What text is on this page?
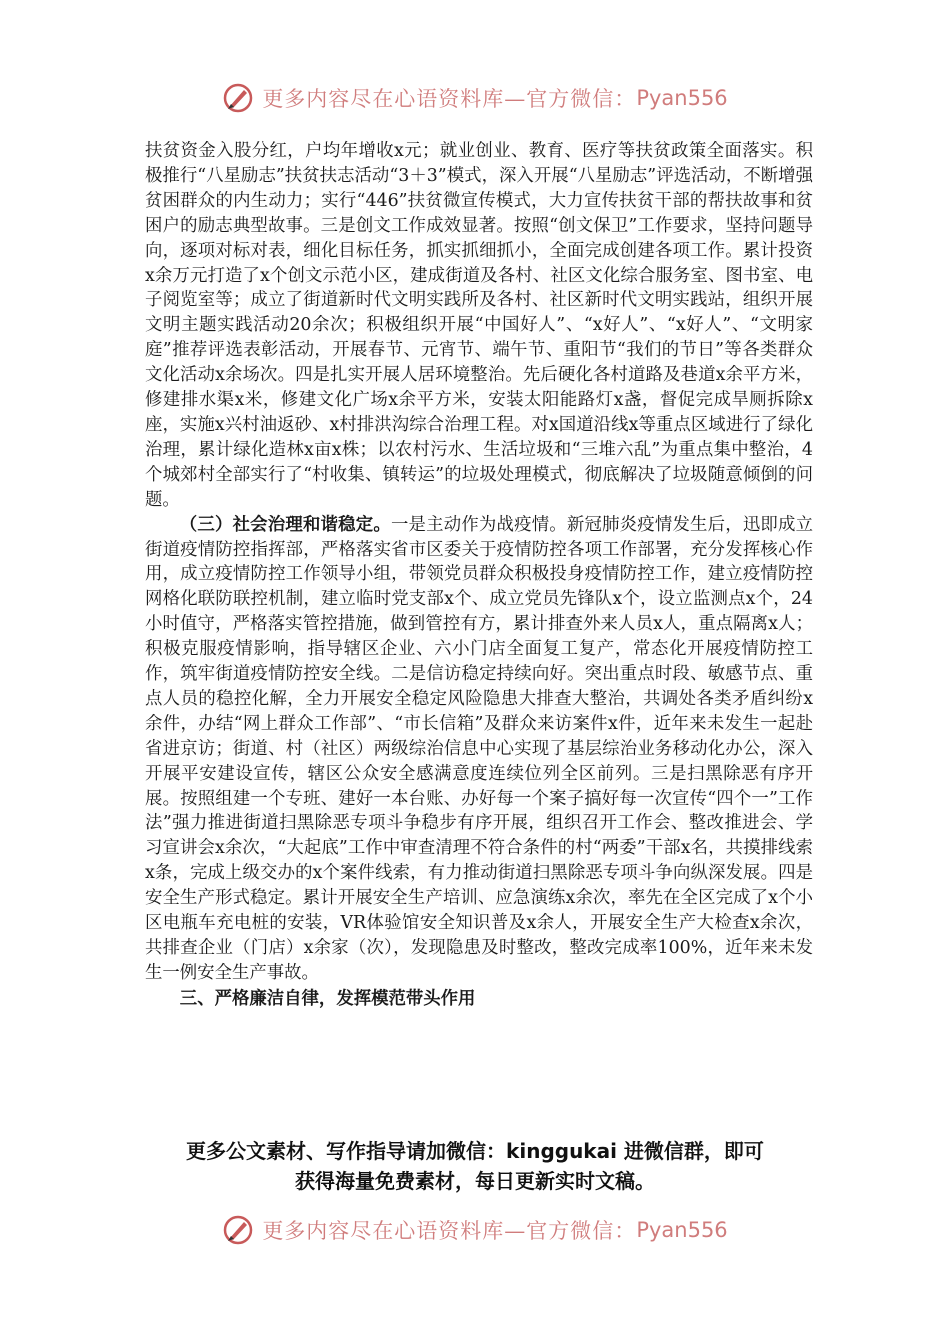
更多内容尽在心语资料库—官方微信： Pyan556

扶贫资金入股分红，户均年增收x元；就业创业、教育、医疗等扶贫政策全面落实。积极推行“八星励志”扶贫扶志活动“3＋3”模式，深入开展“八星励志”评选活动，不断增强贫困群众的内生动力；实行“446”扶贫微宣传模式，大力宣传扶贫干部的帮扶故事和贫困户的励志典型故事。三是创文工作成效显著。按照“创文保卫”工作要求，坚持问题导向，逐项对标对表，细化目标任务，抓实抓细抓小，全面完成创建各项工作。累计投资x余万元打造了x个创文示范小区，建成街道及各村、社区文化综合服务室、图书室、电子阅览室等；成立了街道新时代文明实践所及各村、社区新时代文明实践站，组织开展文明主题实践活动20余次；积极组织开展“中国好人”、“x好人”、“x好人”、“文明家庭”推荐评选表彰活动，开展春节、元宵节、端午节、重阳节“我们的节日”等各类群众文化活动x余场次。四是扎实开展人居环境整治。先后硬化各村道路及巷道x余平方米，修建排水渠x米，修建文化广场x余平方米，安装太阳能路灯x盏，督促完成旱厕拆除x座，实施x兴村油返砂、x村排洪沟综合治理工程。对x国道沿线x等重点区域进行了绿化治理，累计绿化造林x亩x株；以农村污水、生活垃圾和“三堆六乱”为重点集中整治，4个城郊村全部实行了“村收集、镇转运”的垃圾处理模式，彻底解决了垃圾随意倾倒的问题。

（三）社会治理和谐稳定。一是主动作为战疫情。新冠肺炎疫情发生后，迅即成立街道疫情防控指挥部，严格落实省市区委关于疫情防控各项工作部署，充分发挥核心作用，成立疫情防控工作领导小组，带领党员群众积极投身疫情防控工作，建立疫情防控网格化联防联控机制，建立临时党支部x个、成立党员先锋队x个，设立监测点x个，24小时值守，严格落实管控措施，做到管控有方，累计排查外来人员x人，重点隔离x人；积极克服疫情影响，指导辖区企业、六小门店全面复工复产，常态化开展疫情防控工作，筑牢街道疫情防控安全线。二是信访稳定持续向好。突出重点时段、敏感节点、重点人员的稳控化解，全力开展安全稳定风险隐患大排查大整治，共调处各类矛盾纠纷x余件，办结“网上群众工作部”、“市长信箱”及群众来访案件x件，近年来未发生一起赴省进京访；街道、村（社区）两级综治信息中心实现了基层综治业务移动化办公，深入开展平安建设宣传，辖区公众安全感满意度连续位列全区前列。三是扫黑除恶有序开展。按照组建一个专班、建好一本台账、办好每一个案子搞好每一次宣传“四个一”工作法”强力推进街道扫黑除恶专项斗争稳步有序开展，组织召开工作会、整改推进会、学习宣讲会x余次，“大起底”工作中审查清理不符合条件的村“两委”干部x名，共摸排线索x条，完成上级交办的x个案件线索，有力推动街道扫黑除恶专项斗争向纵深发展。四是安全生产形式稳定。累计开展安全生产培训、应急演练x余次，率先在全区完成了x个小区电瓶车充电桩的安装，VR体验馆安全知识普及x余人，开展安全生产大检查x余次，共排查企业（门店）x余家（次），发现隐患及时整改，整改完成率100%，近年来未发生一例安全生产事故。

三、严格廉洁自律，发挥模范带头作用

更多公文素材、写作指导请加微信：kinggukai 进微信群，即可
获得海量免费素材，每日更新实时文稿。
更多内容尽在心语资料库—官方微信： Pyan556
